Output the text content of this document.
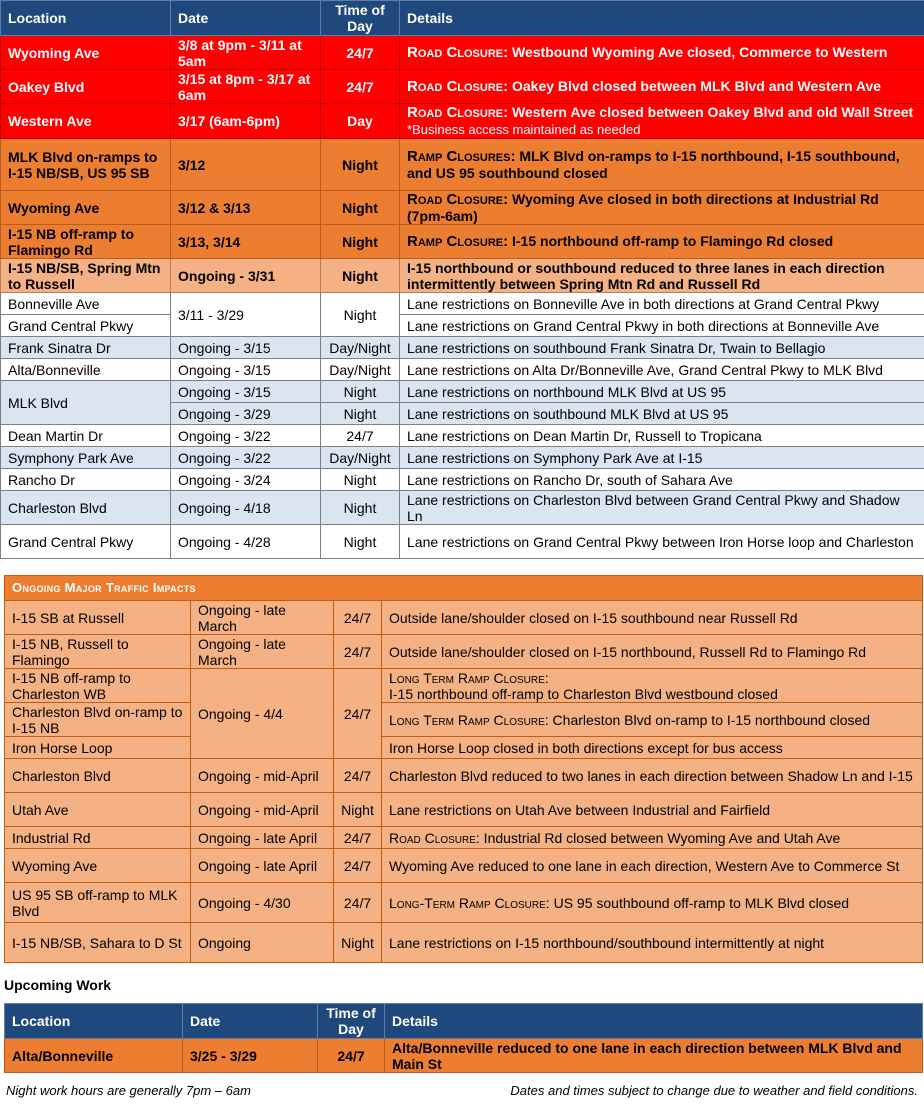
Location	Date	Time of Day	Details
Wyoming Ave	3/8 at 9pm - 3/11 at 5am	24/7	Road Closure: Westbound Wyoming Ave closed, Commerce to Western
Oakey Blvd	3/15 at 8pm - 3/17 at 6am	24/7	Road Closure: Oakey Blvd closed between MLK Blvd and Western Ave
Western Ave	3/17 (6am-6pm)	Day	Road Closure: Western Ave closed between Oakey Blvd and old Wall Street *Business access maintained as needed
MLK Blvd on-ramps to I-15 NB/SB, US 95 SB	3/12	Night	Ramp Closures: MLK Blvd on-ramps to I-15 northbound, I-15 southbound, and US 95 southbound closed
Wyoming Ave	3/12 & 3/13	Night	Road Closure: Wyoming Ave closed in both directions at Industrial Rd (7pm-6am)
I-15 NB off-ramp to Flamingo Rd	3/13, 3/14	Night	Ramp Closure: I-15 northbound off-ramp to Flamingo Rd closed
I-15 NB/SB, Spring Mtn to Russell	Ongoing - 3/31	Night	I-15 northbound or southbound reduced to three lanes in each direction intermittently between Spring Mtn Rd and Russell Rd
Bonneville Ave	3/11 - 3/29	Night	Lane restrictions on Bonneville Ave in both directions at Grand Central Pkwy
Grand Central Pkwy			Lane restrictions on Grand Central Pkwy in both directions at Bonneville Ave
Frank Sinatra Dr	Ongoing - 3/15	Day/Night	Lane restrictions on southbound Frank Sinatra Dr, Twain to Bellagio
Alta/Bonneville	Ongoing - 3/15	Day/Night	Lane restrictions on Alta Dr/Bonneville Ave, Grand Central Pkwy to MLK Blvd
MLK Blvd	Ongoing - 3/15	Night	Lane restrictions on northbound MLK Blvd at US 95
	Ongoing - 3/29	Night	Lane restrictions on southbound MLK Blvd at US 95
Dean Martin Dr	Ongoing - 3/22	24/7	Lane restrictions on Dean Martin Dr, Russell to Tropicana
Symphony Park Ave	Ongoing - 3/22	Day/Night	Lane restrictions on Symphony Park Ave at I-15
Rancho Dr	Ongoing - 3/24	Night	Lane restrictions on Rancho Dr, south of Sahara Ave
Charleston Blvd	Ongoing - 4/18	Night	Lane restrictions on Charleston Blvd between Grand Central Pkwy and Shadow Ln
Grand Central Pkwy	Ongoing - 4/28	Night	Lane restrictions on Grand Central Pkwy between Iron Horse loop and Charleston
Ongoing Major Traffic Impacts			
I-15 SB at Russell	Ongoing - late March	24/7	Outside lane/shoulder closed on I-15 southbound near Russell Rd
I-15 NB, Russell to Flamingo	Ongoing - late March	24/7	Outside lane/shoulder closed on I-15 northbound, Russell Rd to Flamingo Rd
I-15 NB off-ramp to Charleston WB	Ongoing - 4/4	24/7	Long Term Ramp Closure:
I-15 northbound off-ramp to Charleston Blvd westbound closed
Charleston Blvd on-ramp to I-15 NB			Long Term Ramp Closure: Charleston Blvd on-ramp to I-15 northbound closed
Iron Horse Loop			Iron Horse Loop closed in both directions except for bus access
Charleston Blvd	Ongoing - mid-April	24/7	Charleston Blvd reduced to two lanes in each direction between Shadow Ln and I-15
Utah Ave	Ongoing - mid-April	Night	Lane restrictions on Utah Ave between Industrial and Fairfield
Industrial Rd	Ongoing - late April	24/7	Road Closure: Industrial Rd closed between Wyoming Ave and Utah Ave
Wyoming Ave	Ongoing - late April	24/7	Wyoming Ave reduced to one lane in each direction, Western Ave to Commerce St
US 95 SB off-ramp to MLK Blvd	Ongoing - 4/30	24/7	Long-Term Ramp Closure: US 95 southbound off-ramp to MLK Blvd closed
I-15 NB/SB, Sahara to D St	Ongoing	Night	Lane restrictions on I-15 northbound/southbound intermittently at night
Upcoming Work
Location	Date	Time of Day	Details
Alta/Bonneville	3/25 - 3/29	24/7	Alta/Bonneville reduced to one lane in each direction between MLK Blvd and Main St
Night work hours are generally 7pm – 6am	Dates and times subject to change due to weather and field conditions.
